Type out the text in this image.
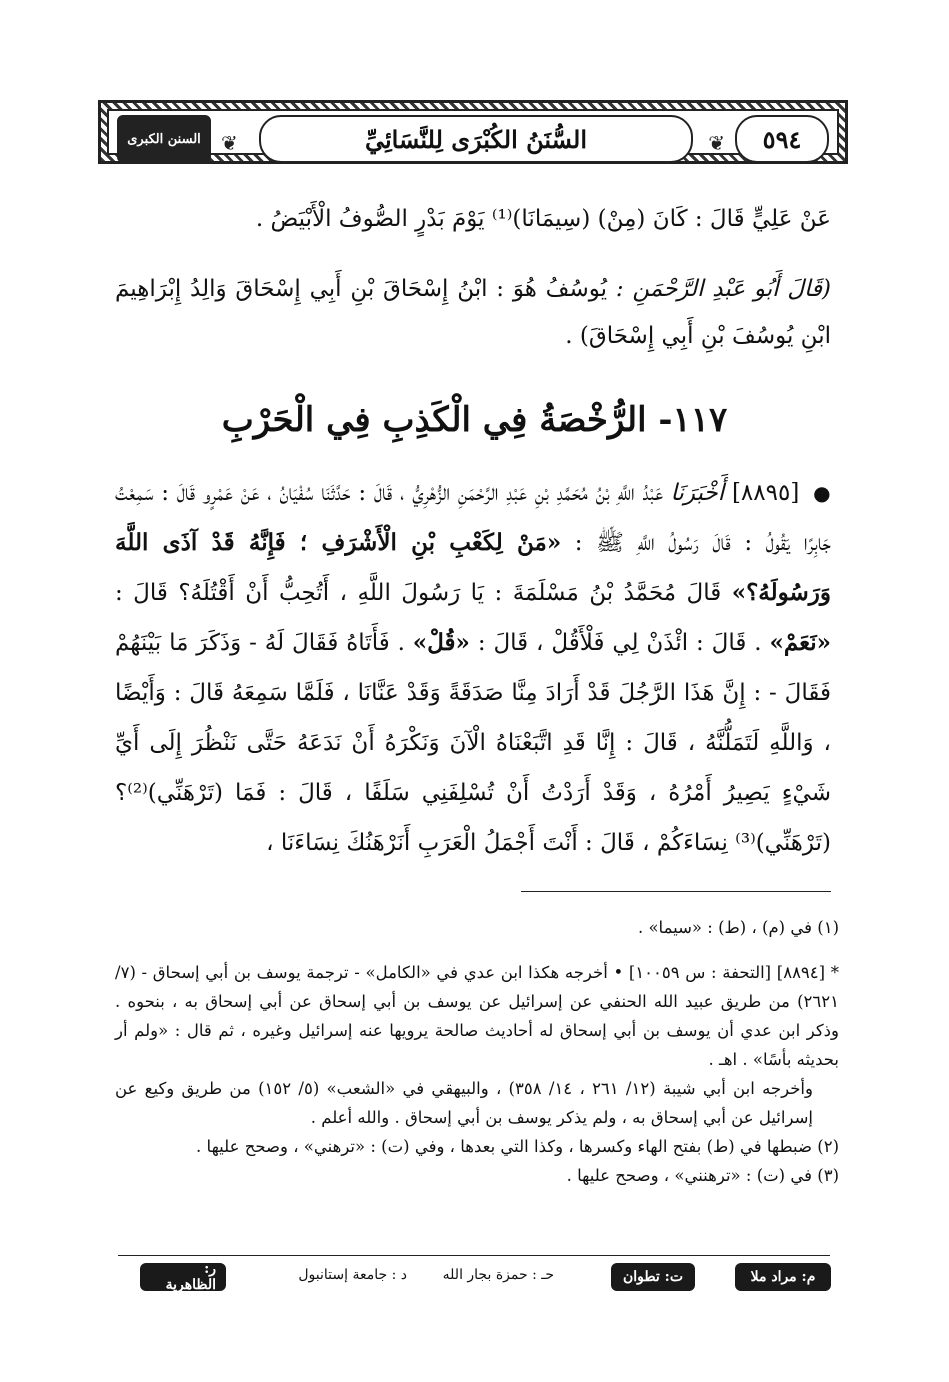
٥٩٤
السُّنَنُ الكُبْرَى لِلنَّسَائِيِّ
السنن الكبرى	❦
❦
عَنْ عَلِيٍّ قَالَ : كَانَ (مِنْ) (سِيمَانَا)⁽¹⁾ يَوْمَ بَدْرٍ الصُّوفُ الْأَبْيَضُ .
(قَالَ أَبُو عَبْدِ الرَّحْمَنِ : يُوسُفُ هُوَ : ابْنُ إِسْحَاقَ بْنِ أَبِي إِسْحَاقَ وَالِدُ إِبْرَاهِيمَ ابْنِ يُوسُفَ بْنِ أَبِي إِسْحَاقَ) .
١١٧- الرُّخْصَةُ فِي الْكَذِبِ فِي الْحَرْبِ
● [٨٨٩٥] أَخْبَرَنَا عَبْدُ اللَّهِ بْنُ مُحَمَّدِ بْنِ عَبْدِ الرَّحْمَنِ الزُّهْرِيُّ ، قَالَ : حَدَّثَنَا سُفْيَانُ ، عَنْ عَمْرٍو قَالَ : سَمِعْتُ جَابِرًا يَقُولُ : قَالَ رَسُولُ اللَّهِ ﷺ : «مَنْ لِكَعْبِ بْنِ الْأَشْرَفِ ؛ فَإِنَّهُ قَدْ آذَى اللَّهَ وَرَسُولَهُ؟» قَالَ مُحَمَّدُ بْنُ مَسْلَمَةَ : يَا رَسُولَ اللَّهِ ، أَتُحِبُّ أَنْ أَقْتُلَهُ؟ قَالَ : «نَعَمْ» . قَالَ : ائْذَنْ لِي فَلْأَقُلْ ، قَالَ : «قُلْ» . فَأَتَاهُ فَقَالَ لَهُ - وَذَكَرَ مَا بَيْنَهُمْ فَقَالَ - : إِنَّ هَذَا الرَّجُلَ قَدْ أَرَادَ مِنَّا صَدَقَةً وَقَدْ عَنَّانَا ، فَلَمَّا سَمِعَهُ قَالَ : وَأَيْضًا ، وَاللَّهِ لَتَمَلُّنَّهُ ، قَالَ : إِنَّا قَدِ اتَّبَعْنَاهُ الْآنَ وَنَكْرَهُ أَنْ نَدَعَهُ حَتَّى نَنْظُرَ إِلَى أَيِّ شَيْءٍ يَصِيرُ أَمْرُهُ ، وَقَدْ أَرَدْتُ أَنْ تُسْلِفَنِي سَلَفًا ، قَالَ : فَمَا (تَرْهَنِّي)⁽²⁾؟ (تَرْهَنِّي)⁽³⁾ نِسَاءَكُمْ ، قَالَ : أَنْتَ أَجْمَلُ الْعَرَبِ أَنَرْهَنُكَ نِسَاءَنَا ،
(١) في (م) ، (ط) : «سيما» .

* [٨٨٩٤] [التحفة : س ١٠٠٥٩] • أخرجه هكذا ابن عدي في «الكامل» - ترجمة يوسف بن أبي إسحاق - (٧/ ٢٦٢١) من طريق عبيد الله الحنفي عن إسرائيل عن يوسف بن أبي إسحاق عن أبي إسحاق به ، بنحوه . وذكر ابن عدي أن يوسف بن أبي إسحاق له أحاديث صالحة يرويها عنه إسرائيل وغيره ، ثم قال : «ولم أر بحديثه بأسًا» . اهـ .

وأخرجه ابن أبي شيبة (١٢/ ٢٦١ ، ١٤/ ٣٥٨) ، والبيهقي في «الشعب» (٥/ ١٥٢) من طريق وكيع عن إسرائيل عن أبي إسحاق به ، ولم يذكر يوسف بن أبي إسحاق . والله أعلم .

(٢) ضبطها في (ط) بفتح الهاء وكسرها ، وكذا التي بعدها ، وفي (ت) : «ترهني» ، وصحح عليها .

(٣) في (ت) : «ترهنني» ، وصحح عليها .

م: مراد ملا
ت: تطوان
حـ : حمزة بجار الله
د : جامعة إستانبول
ر: الظاهرية
